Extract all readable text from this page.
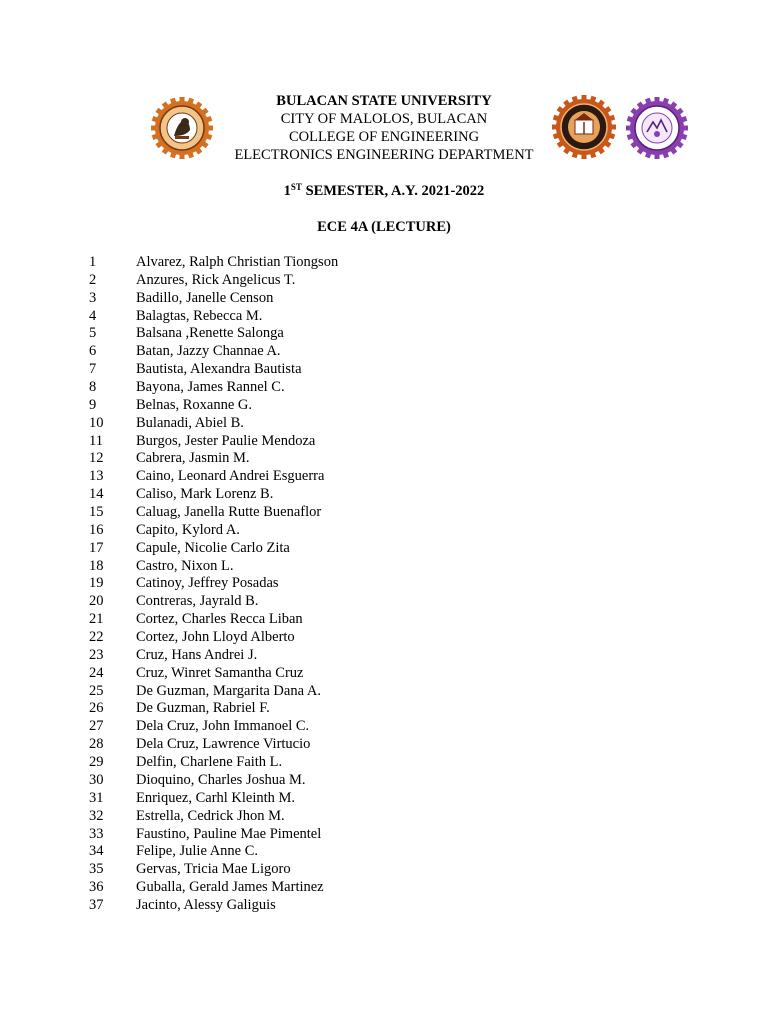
BULACAN STATE UNIVERSITY
CITY OF MALOLOS, BULACAN
COLLEGE OF ENGINEERING
ELECTRONICS ENGINEERING DEPARTMENT
1ST SEMESTER, A.Y. 2021-2022
ECE 4A (LECTURE)
1	Alvarez, Ralph Christian Tiongson
2	Anzures, Rick Angelicus T.
3	Badillo, Janelle Censon
4	Balagtas, Rebecca M.
5	Balsana ,Renette Salonga
6	Batan, Jazzy Channae A.
7	Bautista, Alexandra Bautista
8	Bayona, James Rannel C.
9	Belnas, Roxanne G.
10 Bulanadi, Abiel B.
11 Burgos, Jester Paulie Mendoza
12 Cabrera, Jasmin M.
13 Caino, Leonard Andrei Esguerra
14 Caliso, Mark Lorenz B.
15 Caluag, Janella Rutte Buenaflor
16 Capito, Kylord A.
17 Capule, Nicolie Carlo Zita
18 Castro, Nixon L.
19 Catinoy, Jeffrey Posadas
20 Contreras, Jayrald B.
21 Cortez, Charles Recca Liban
22 Cortez, John Lloyd Alberto
23 Cruz, Hans Andrei J.
24 Cruz, Winret Samantha Cruz
25 De Guzman, Margarita Dana A.
26 De Guzman, Rabriel F.
27 Dela Cruz, John Immanoel C.
28 Dela Cruz, Lawrence Virtucio
29 Delfin, Charlene Faith L.
30 Dioquino, Charles Joshua M.
31 Enriquez, Carhl Kleinth M.
32 Estrella, Cedrick Jhon M.
33 Faustino, Pauline Mae Pimentel
34 Felipe, Julie Anne C.
35 Gervas, Tricia Mae Ligoro
36 Guballa, Gerald James Martinez
37 Jacinto, Alessy Galiguis
